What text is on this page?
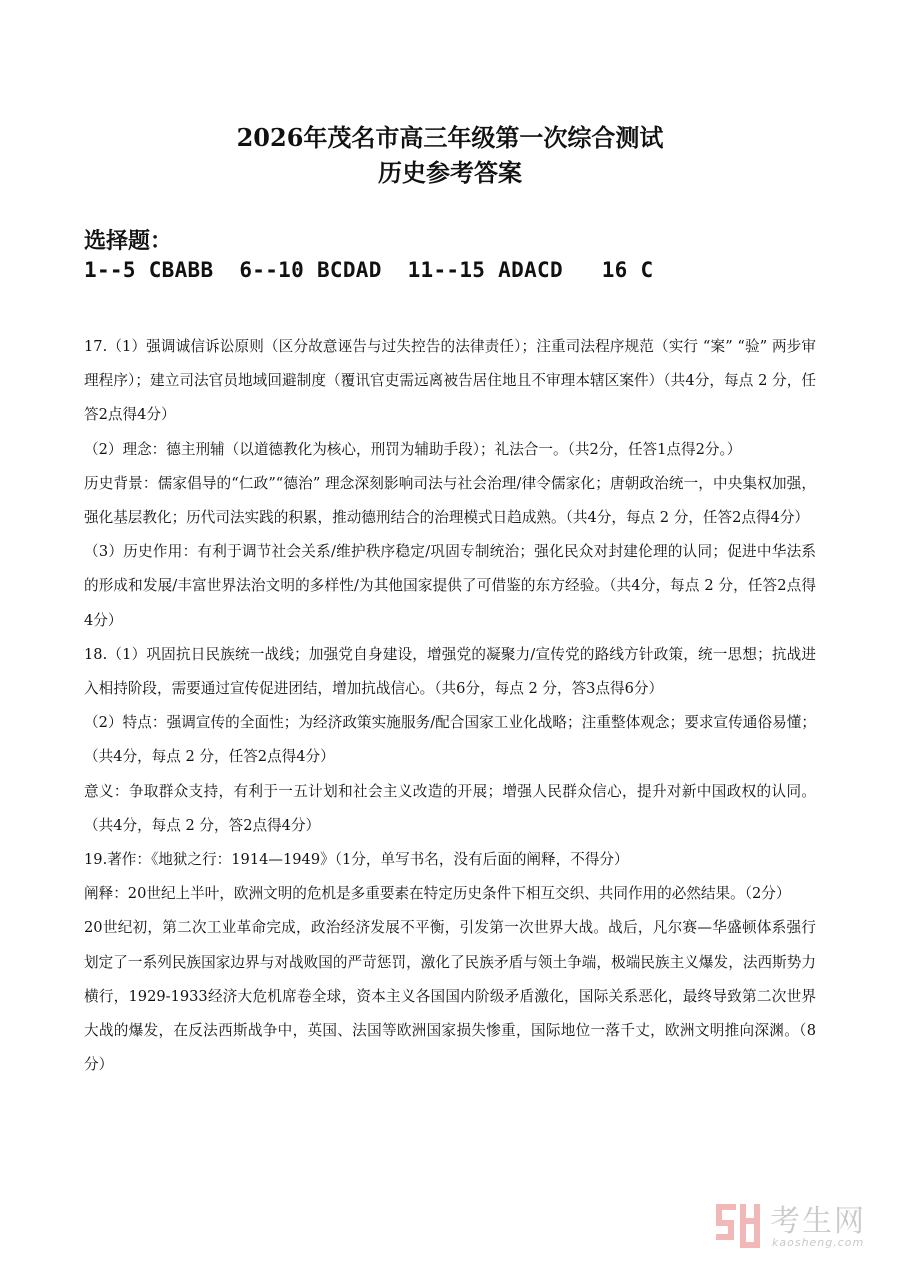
2026年茂名市高三年级第一次综合测试
历史参考答案
选择题：
1--5 CBABB  6--10 BCDAD  11--15 ADACD   16 C

17.（1）强调诚信诉讼原则（区分故意诬告与过失控告的法律责任）；注重司法程序规范（实行 “案” “验” 两步审理程序）；建立司法官员地域回避制度（覆讯官吏需远离被告居住地且不审理本辖区案件）（共4分，每点 2 分，任答2点得4分）

（2）理念：德主刑辅（以道德教化为核心，刑罚为辅助手段）；礼法合一。（共2分，任答1点得2分。）

历史背景：儒家倡导的“仁政”“德治” 理念深刻影响司法与社会治理/律令儒家化；唐朝政治统一，中央集权加强，强化基层教化；历代司法实践的积累，推动德刑结合的治理模式日趋成熟。（共4分，每点 2 分，任答2点得4分）

（3）历史作用：有利于调节社会关系/维护秩序稳定/巩固专制统治；强化民众对封建伦理的认同；促进中华法系的形成和发展/丰富世界法治文明的多样性/为其他国家提供了可借鉴的东方经验。（共4分，每点 2 分，任答2点得4分）

18.（1）巩固抗日民族统一战线；加强党自身建设，增强党的凝聚力/宣传党的路线方针政策，统一思想；抗战进入相持阶段，需要通过宣传促进团结，增加抗战信心。（共6分，每点 2 分，答3点得6分）

（2）特点：强调宣传的全面性；为经济政策实施服务/配合国家工业化战略；注重整体观念；要求宣传通俗易懂；（共4分，每点 2 分，任答2点得4分）

意义：争取群众支持，有利于一五计划和社会主义改造的开展；增强人民群众信心，提升对新中国政权的认同。（共4分，每点 2 分，答2点得4分）

19.著作：《地狱之行：1914—1949》（1分，单写书名，没有后面的阐释，不得分）

阐释：20世纪上半叶，欧洲文明的危机是多重要素在特定历史条件下相互交织、共同作用的必然结果。（2分）

20世纪初，第二次工业革命完成，政治经济发展不平衡，引发第一次世界大战。战后，凡尔赛—华盛顿体系强行划定了一系列民族国家边界与对战败国的严苛惩罚，激化了民族矛盾与领土争端，极端民族主义爆发，法西斯势力横行，1929-1933经济大危机席卷全球，资本主义各国国内阶级矛盾激化，国际关系恶化，最终导致第二次世界大战的爆发，在反法西斯战争中，英国、法国等欧洲国家损失惨重，国际地位一落千丈，欧洲文明推向深渊。（8分）

考生网
kaosheng.com
